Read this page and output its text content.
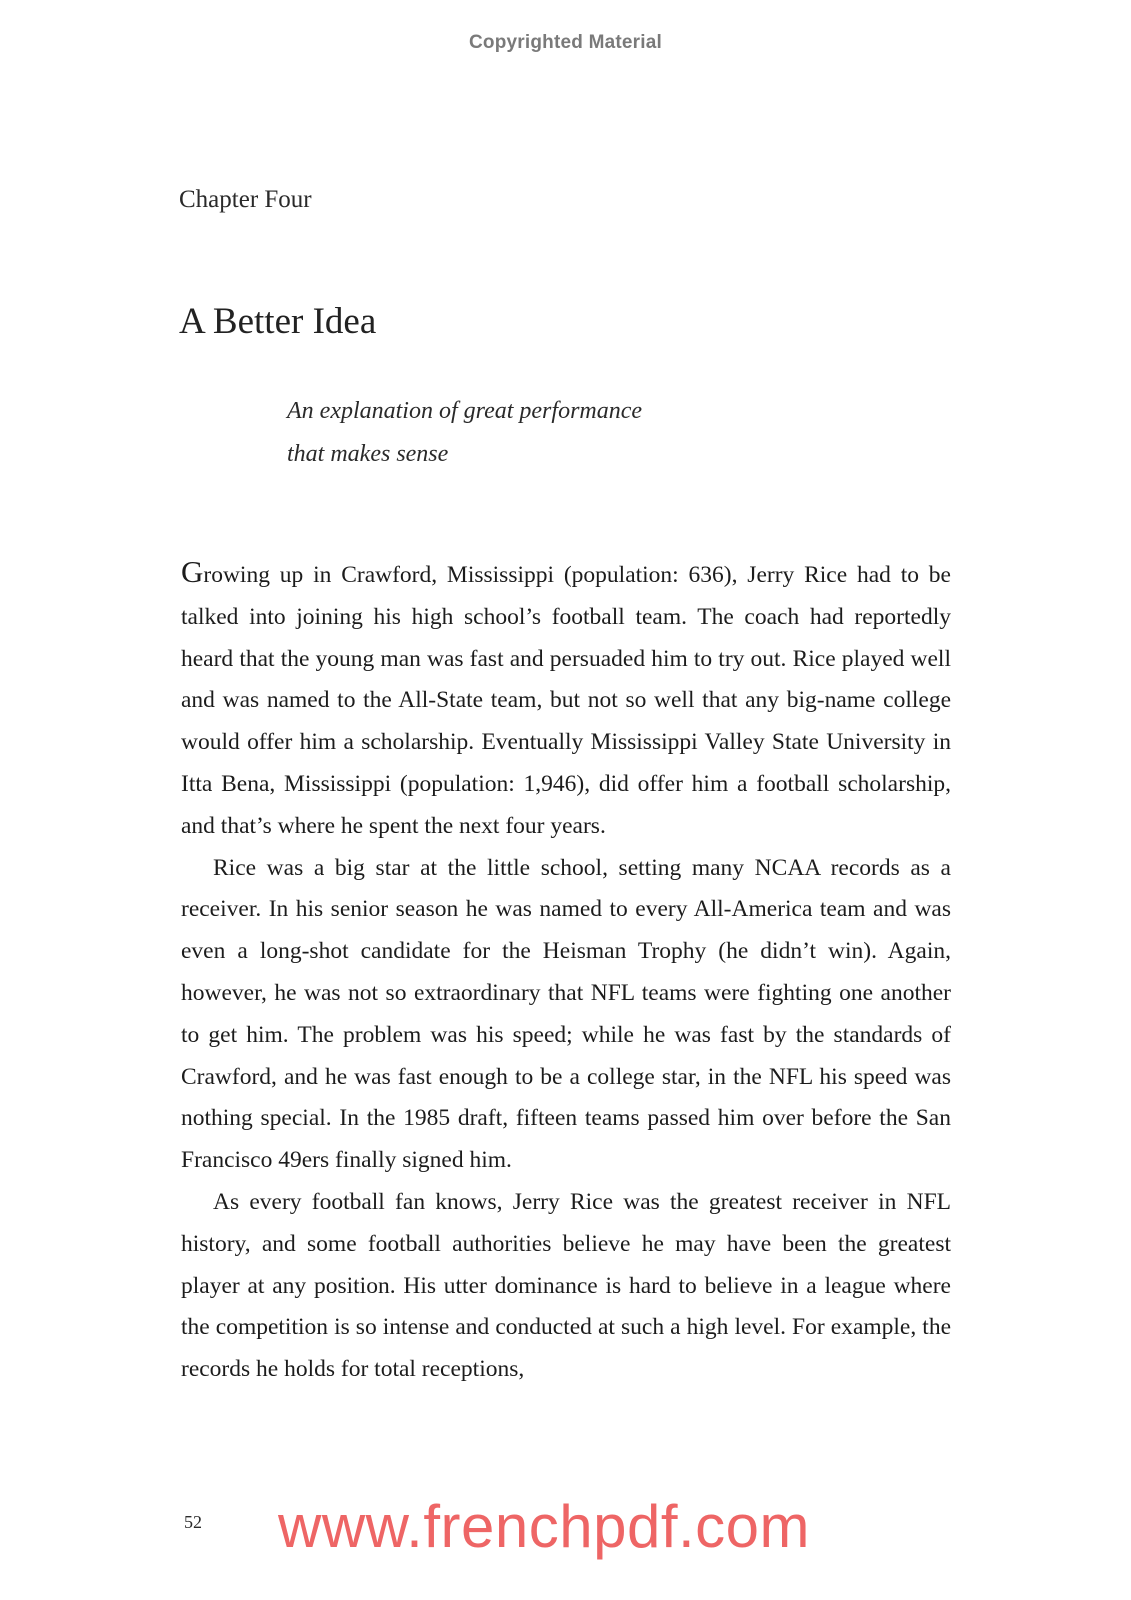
Copyrighted Material
Chapter Four
A Better Idea
An explanation of great performance
that makes sense

Growing up in Crawford, Mississippi (population: 636), Jerry Rice had to be talked into joining his high school’s football team. The coach had reportedly heard that the young man was fast and persuaded him to try out. Rice played well and was named to the All-State team, but not so well that any big-name college would offer him a scholarship. Eventually Mississippi Valley State University in Itta Bena, Mississippi (population: 1,946), did offer him a football scholarship, and that’s where he spent the next four years.

Rice was a big star at the little school, setting many NCAA records as a receiver. In his senior season he was named to every All-America team and was even a long-shot candidate for the Heisman Trophy (he didn’t win). Again, however, he was not so extraordinary that NFL teams were fighting one another to get him. The problem was his speed; while he was fast by the standards of Crawford, and he was fast enough to be a college star, in the NFL his speed was nothing special. In the 1985 draft, fifteen teams passed him over before the San Francisco 49ers finally signed him.

As every football fan knows, Jerry Rice was the greatest receiver in NFL history, and some football authorities believe he may have been the greatest player at any position. His utter dominance is hard to believe in a league where the competition is so intense and conducted at such a high level. For example, the records he holds for total receptions,

52 www.frenchpdf.com
